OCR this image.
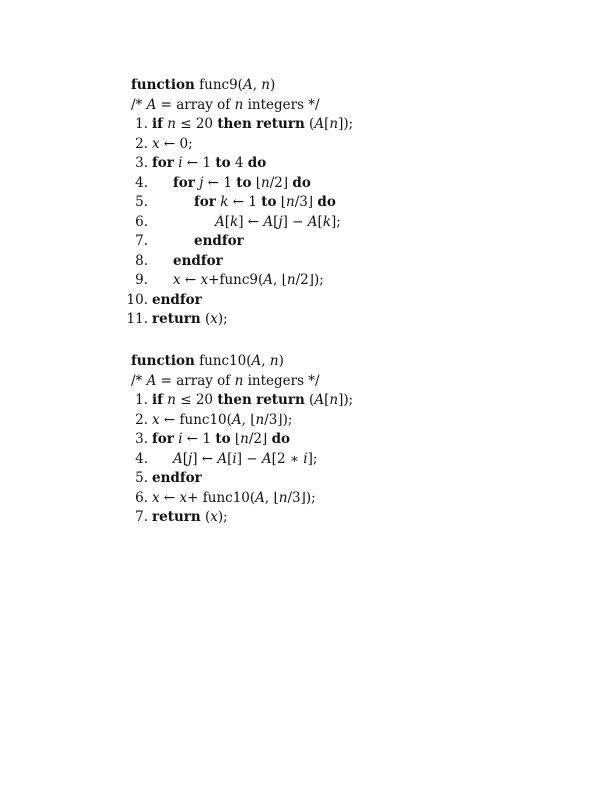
function func9(A, n)
/* A = array of n integers */
1. if n ≤ 20 then return (A[n]);
2. x ← 0;
3. for i ← 1 to 4 do
4. for j ← 1 to ⌊n/2⌋ do
5.	for k ← 1 to ⌊n/3⌋ do
6.	A[k] ← A[j] − A[k];
7.	endfor
8. endfor
9. x ← x+func9(A, ⌊n/2⌋);
10. endfor
11. return (x);
function func10(A, n)
/* A = array of n integers */
1. if n ≤ 20 then return (A[n]);
2. x ← func10(A, ⌊n/3⌋);
3. for i ← 1 to ⌊n/2⌋ do
4. A[j] ← A[i] − A[2 ∗ i];
5. endfor
6. x ← x+ func10(A, ⌊n/3⌋);
7. return (x);
